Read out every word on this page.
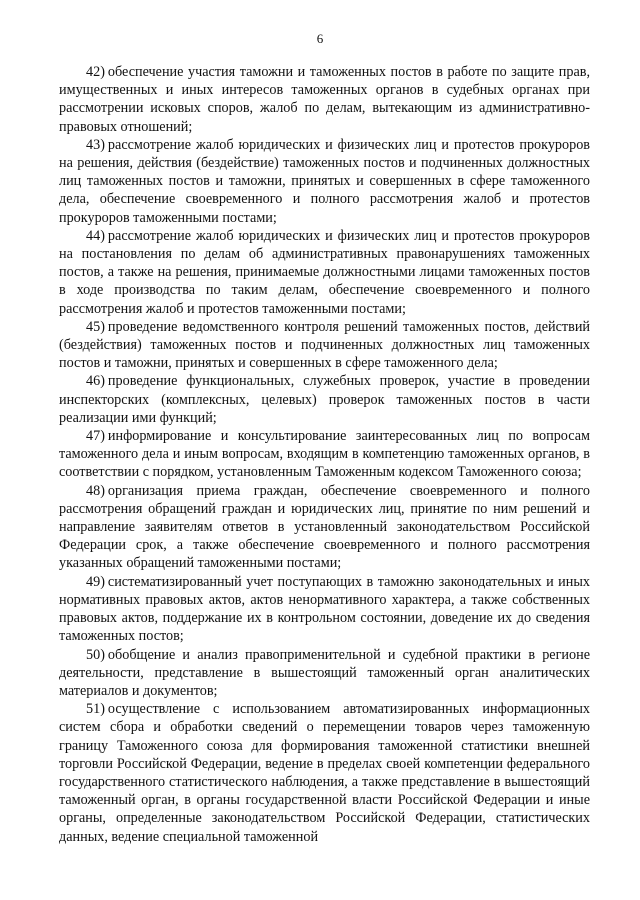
6

42) обеспечение участия таможни и таможенных постов в работе по защите прав, имущественных и иных интересов таможенных органов в судебных органах при рассмотрении исковых споров, жалоб по делам, вытекающим из административно-правовых отношений;

43) рассмотрение жалоб юридических и физических лиц и протестов прокуроров на решения, действия (бездействие) таможенных постов и подчиненных должностных лиц таможенных постов и таможни, принятых и совершенных в сфере таможенного дела, обеспечение своевременного и полного рассмотрения жалоб и протестов прокуроров таможенными постами;

44) рассмотрение жалоб юридических и физических лиц и протестов прокуроров на постановления по делам об административных правонарушениях таможенных постов, а также на решения, принимаемые должностными лицами таможенных постов в ходе производства по таким делам, обеспечение своевременного и полного рассмотрения жалоб и протестов таможенными постами;

45) проведение ведомственного контроля решений таможенных постов, действий (бездействия) таможенных постов и подчиненных должностных лиц таможенных постов и таможни, принятых и совершенных в сфере таможенного дела;

46) проведение функциональных, служебных проверок, участие в проведении инспекторских (комплексных, целевых) проверок таможенных постов в части реализации ими функций;

47) информирование и консультирование заинтересованных лиц по вопросам таможенного дела и иным вопросам, входящим в компетенцию таможенных органов, в соответствии с порядком, установленным Таможенным кодексом Таможенного союза;

48) организация приема граждан, обеспечение своевременного и полного рассмотрения обращений граждан и юридических лиц, принятие по ним решений и направление заявителям ответов в установленный законодательством Российской Федерации срок, а также обеспечение своевременного и полного рассмотрения указанных обращений таможенными постами;

49) систематизированный учет поступающих в таможню законодательных и иных нормативных правовых актов, актов ненормативного характера, а также собственных правовых актов, поддержание их в контрольном состоянии, доведение их до сведения таможенных постов;

50) обобщение и анализ правоприменительной и судебной практики в регионе деятельности, представление в вышестоящий таможенный орган аналитических материалов и документов;

51) осуществление с использованием автоматизированных информационных систем сбора и обработки сведений о перемещении товаров через таможенную границу Таможенного союза для формирования таможенной статистики внешней торговли Российской Федерации, ведение в пределах своей компетенции федерального государственного статистического наблюдения, а также представление в вышестоящий таможенный орган, в органы государственной власти Российской Федерации и иные органы, определенные законодательством Российской Федерации, статистических данных, ведение специальной таможенной
